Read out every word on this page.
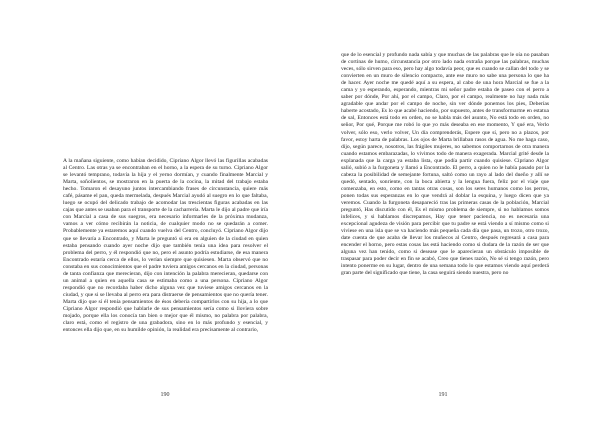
A la mañana siguiente, como habían decidido, Cipriano Algor llevó las figurillas acabadas al Centro. Las otras ya se encontraban en el horno, a la espera de su turno. Cipriano Algor se levantó temprano, todavía la hija y el yerno dormían, y cuando finalmente Marcial y Marta, soñolientos, se mostraron en la puerta de la cocina, la mitad del trabajo estaba hecho. Tomaron el desayuno juntos intercambiando frases de circunstancia, quiere más café, pásame el pan, queda mermelada, después Marcial ayudó al suegro en lo que faltaba, luego se ocupó del delicado trabajo de acomodar las trescientas figuras acabadas en las cajas que antes se usaban para el transporte de la cacharrería. Marta le dijo al padre que iría con Marcial a casa de sus suegros, era necesario informarles de la próxima mudanza, vamos a ver cómo recibirán la noticia, de cualquier modo no se quedarán a comer. Probablemente ya estaremos aquí cuando vuelva del Centro, concluyó. Cipriano Algor dijo que se llevaría a Encontrado, y Marta le preguntó si era en alguien de la ciudad en quien estaba pensando cuando ayer noche dijo que también tenía una idea para resolver el problema del perro, y él respondió que no, pero el asunto podría estudiarse, de esa manera Encontrado estaría cerca de ellos, lo verían siempre que quisiesen. Marta observó que no constaba en sus conocimientos que el padre tuviera amigos cercanos en la ciudad, personas de tanta confianza que merecieran, dijo con intención la palabra merecieran, quedarse con un animal a quien en aquella casa se estimaba como a una persona. Cipriano Algor respondió que no recordaba haber dicho alguna vez que tuviese amigos cercanos en la ciudad, y que si se llevaba al perro era para distraerse de pensamientos que no quería tener. Marta dijo que sí él tenía pensamientos de ésos debería compartirlos con su hija, a lo que Cipriano Algor respondió que hablarle de sus pensamientos sería como si lloviera sobre mojado, porque ella los conocía tan bien o mejor que él mismo, no palabra por palabra, claro está, como el registro de una grabadora, sino en lo más profundo y esencial, y entonces ella dijo que, en su humilde opinión, la realidad era precisamente al contrario,

190

que de lo esencial y profundo nada sabía y que muchas de las palabras que le oía no pasaban de cortinas de humo, circunstancia por otro lado nada extraña porque las palabras, muchas veces, sólo sirven para eso, pero hay algo todavía peor, que es cuando se callan del todo y se convierten en un muro de silencio compacto, ante ese muro no sabe una persona lo que ha de hacer. Ayer noche me quedé aquí a su espera, al cabo de una hora Marcial se fue a la cama y yo esperando, esperando, mientras mi señor padre estaba de paseo con el perro a saber por dónde, Por ahí, por el campo, Claro, por el campo, realmente no hay nada más agradable que andar por el campo de noche, sin ver dónde ponemos los pies, Deberías haberte acostado, Es lo que acabé haciendo, por supuesto, antes de transformarme en estatua de sal, Entonces está todo en orden, no se habla más del asunto, No está todo en orden, no señor, Por qué, Porque me robó lo que yo más deseaba en ese momento, Y qué era, Verlo volver, sólo eso, verlo volver, Un día comprenderás, Espere que sí, pero no a plazos, por favor, estoy harta de palabras. Los ojos de Marta brillaban rasos de agua. No me haga caso, dijo, según parece, nosotros, las frágiles mujeres, no sabemos comportarnos de otra manera cuando estamos embarazadas, lo vivimos todo de manera exagerada. Marcial grité desde la explanada que la carga ya estaba lista, que podía partir cuando quisiese. Cipriano Algor salió, subió a la furgoneta y llamó a Encontrado. El perro, a quien no le había pasado por la cabeza la posibilidad de semejante fortuna, saltó como un rayo al lado del dueño y allí se quedó, sentado, sonriente, con la boca abierta y la lengua fuera, feliz por el viaje que comenzaba, en esto, como en tantas otras cosas, son los seres humanos como los perros, ponen todas sus esperanzas en lo que vendrá al doblar la esquina, y luego dicen que ya veremos. Cuando la furgoneta desapareció tras las primeras casas de la población, Marcial preguntó, Has discutido con él, Es el mismo problema de siempre, si no hablamos somos infelices, y si hablamos discrepamos, Hay que tener paciencia, no es necesaria una excepcional agudeza de visión para percibir que tu padre se está viendo a sí mismo como si viviese en una isla que se va haciendo más pequeña cada día que pasa, un trozo, otro trozo, date cuenta de que acaba de llevar los muñecos al Centro, después regresará a casa para encender el horno, pero estas cosas las está haciendo como si dudara de la razón de ser que alguna vez han tenido, como si desease que le aparecieran un obstáculo imposible de traspasar para poder decir en fin se acabó, Creo que tienes razón, No sé si tengo razón, pero intento ponerme en su lugar, dentro de una semana todo lo que estamos viendo aquí perderá gran parte del significado que tiene, la casa seguirá siendo nuestra, pero no

191
